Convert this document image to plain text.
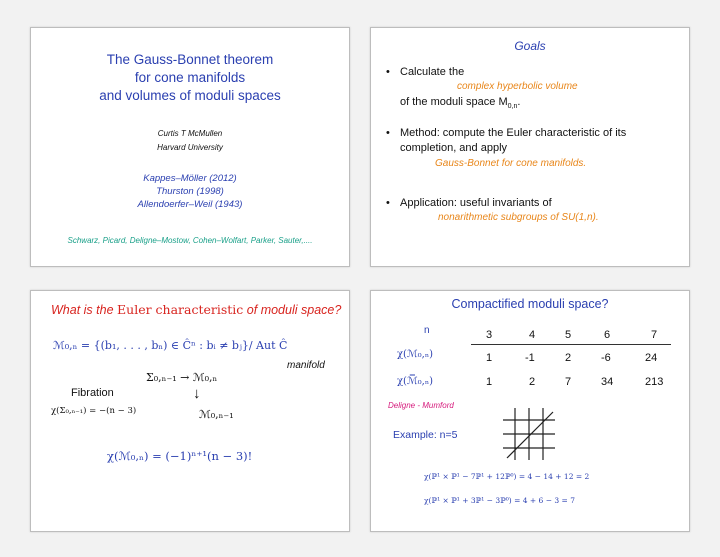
The Gauss-Bonnet theorem
for cone manifolds
and volumes of moduli spaces
Curtis T McMullen
Harvard University
Kappes–Möller (2012)
Thurston (1998)
Allendoerfer–Weil (1943)
Schwarz, Picard, Deligne–Mostow, Cohen–Wolfart, Parker, Sauter,....
Goals
• Calculate the
complex hyperbolic volume
of the moduli space $M_{0,n}$.
• Method: compute the Euler characteristic of its
completion, and apply
Gauss-Bonnet for cone manifolds.
• Application: useful invariants of
nonarithmetic subgroups of SU(1,n).
What is the Euler characteristic of moduli space?
ℳ₀,ₙ = {(b₁, . . . , bₙ) ∈ Ĉⁿ : bᵢ ≠ bⱼ}/ Aut Ĉ
manifold
Σ₀,ₙ₋₁ → ℳ₀,ₙ
↓
Fibration
χ(Σ₀,ₙ₋₁) = −(n − 3)	ℳ₀,ₙ₋₁
χ(ℳ₀,ₙ) = (−1)ⁿ⁺¹(n − 3)!
Compactified moduli space?
n	3	4	5	6	7
χ(ℳ₀,ₙ)	1	-1	2	-6	24
χ(ℳ̅₀,ₙ)	1	2	7	34	213
Deligne - Mumford
Example: n=5
χ(ℙ¹ × ℙ¹ − 7ℙ¹ + 12ℙ⁰) = 4 − 14 + 12 = 2
χ(ℙ¹ × ℙ¹ + 3ℙ¹ − 3ℙ⁰) = 4 + 6 − 3 = 7
